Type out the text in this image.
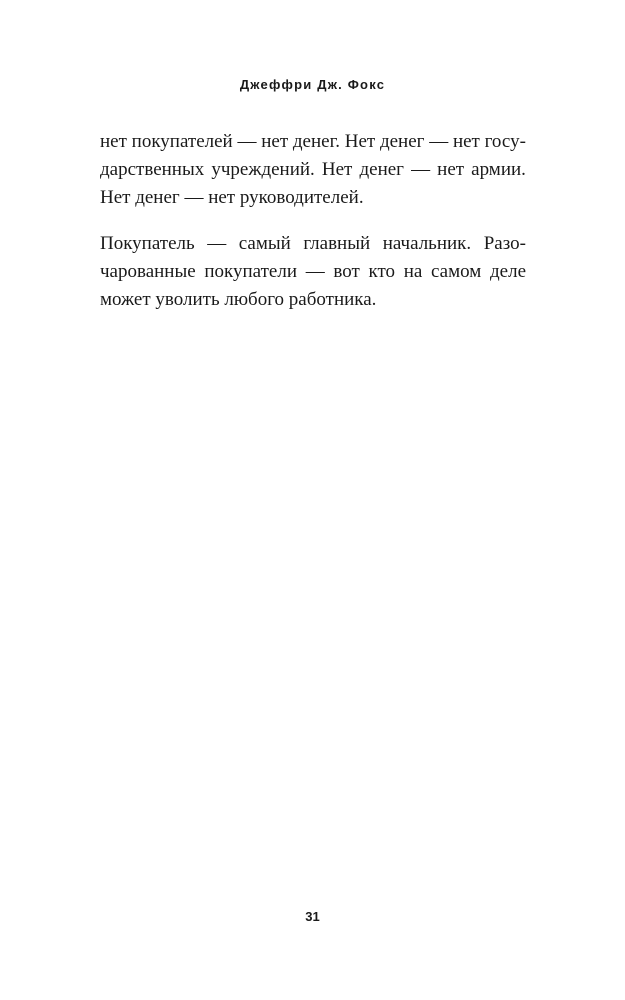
Джеффри Дж. Фокс
нет покупателей — нет денег. Нет денег — нет госу-
дарственных учреждений. Нет денег — нет армии.
Нет денег — нет руководителей.
Покупатель — самый главный начальник. Разо-
чарованные покупатели — вот кто на самом деле
может уволить любого работника.
31
